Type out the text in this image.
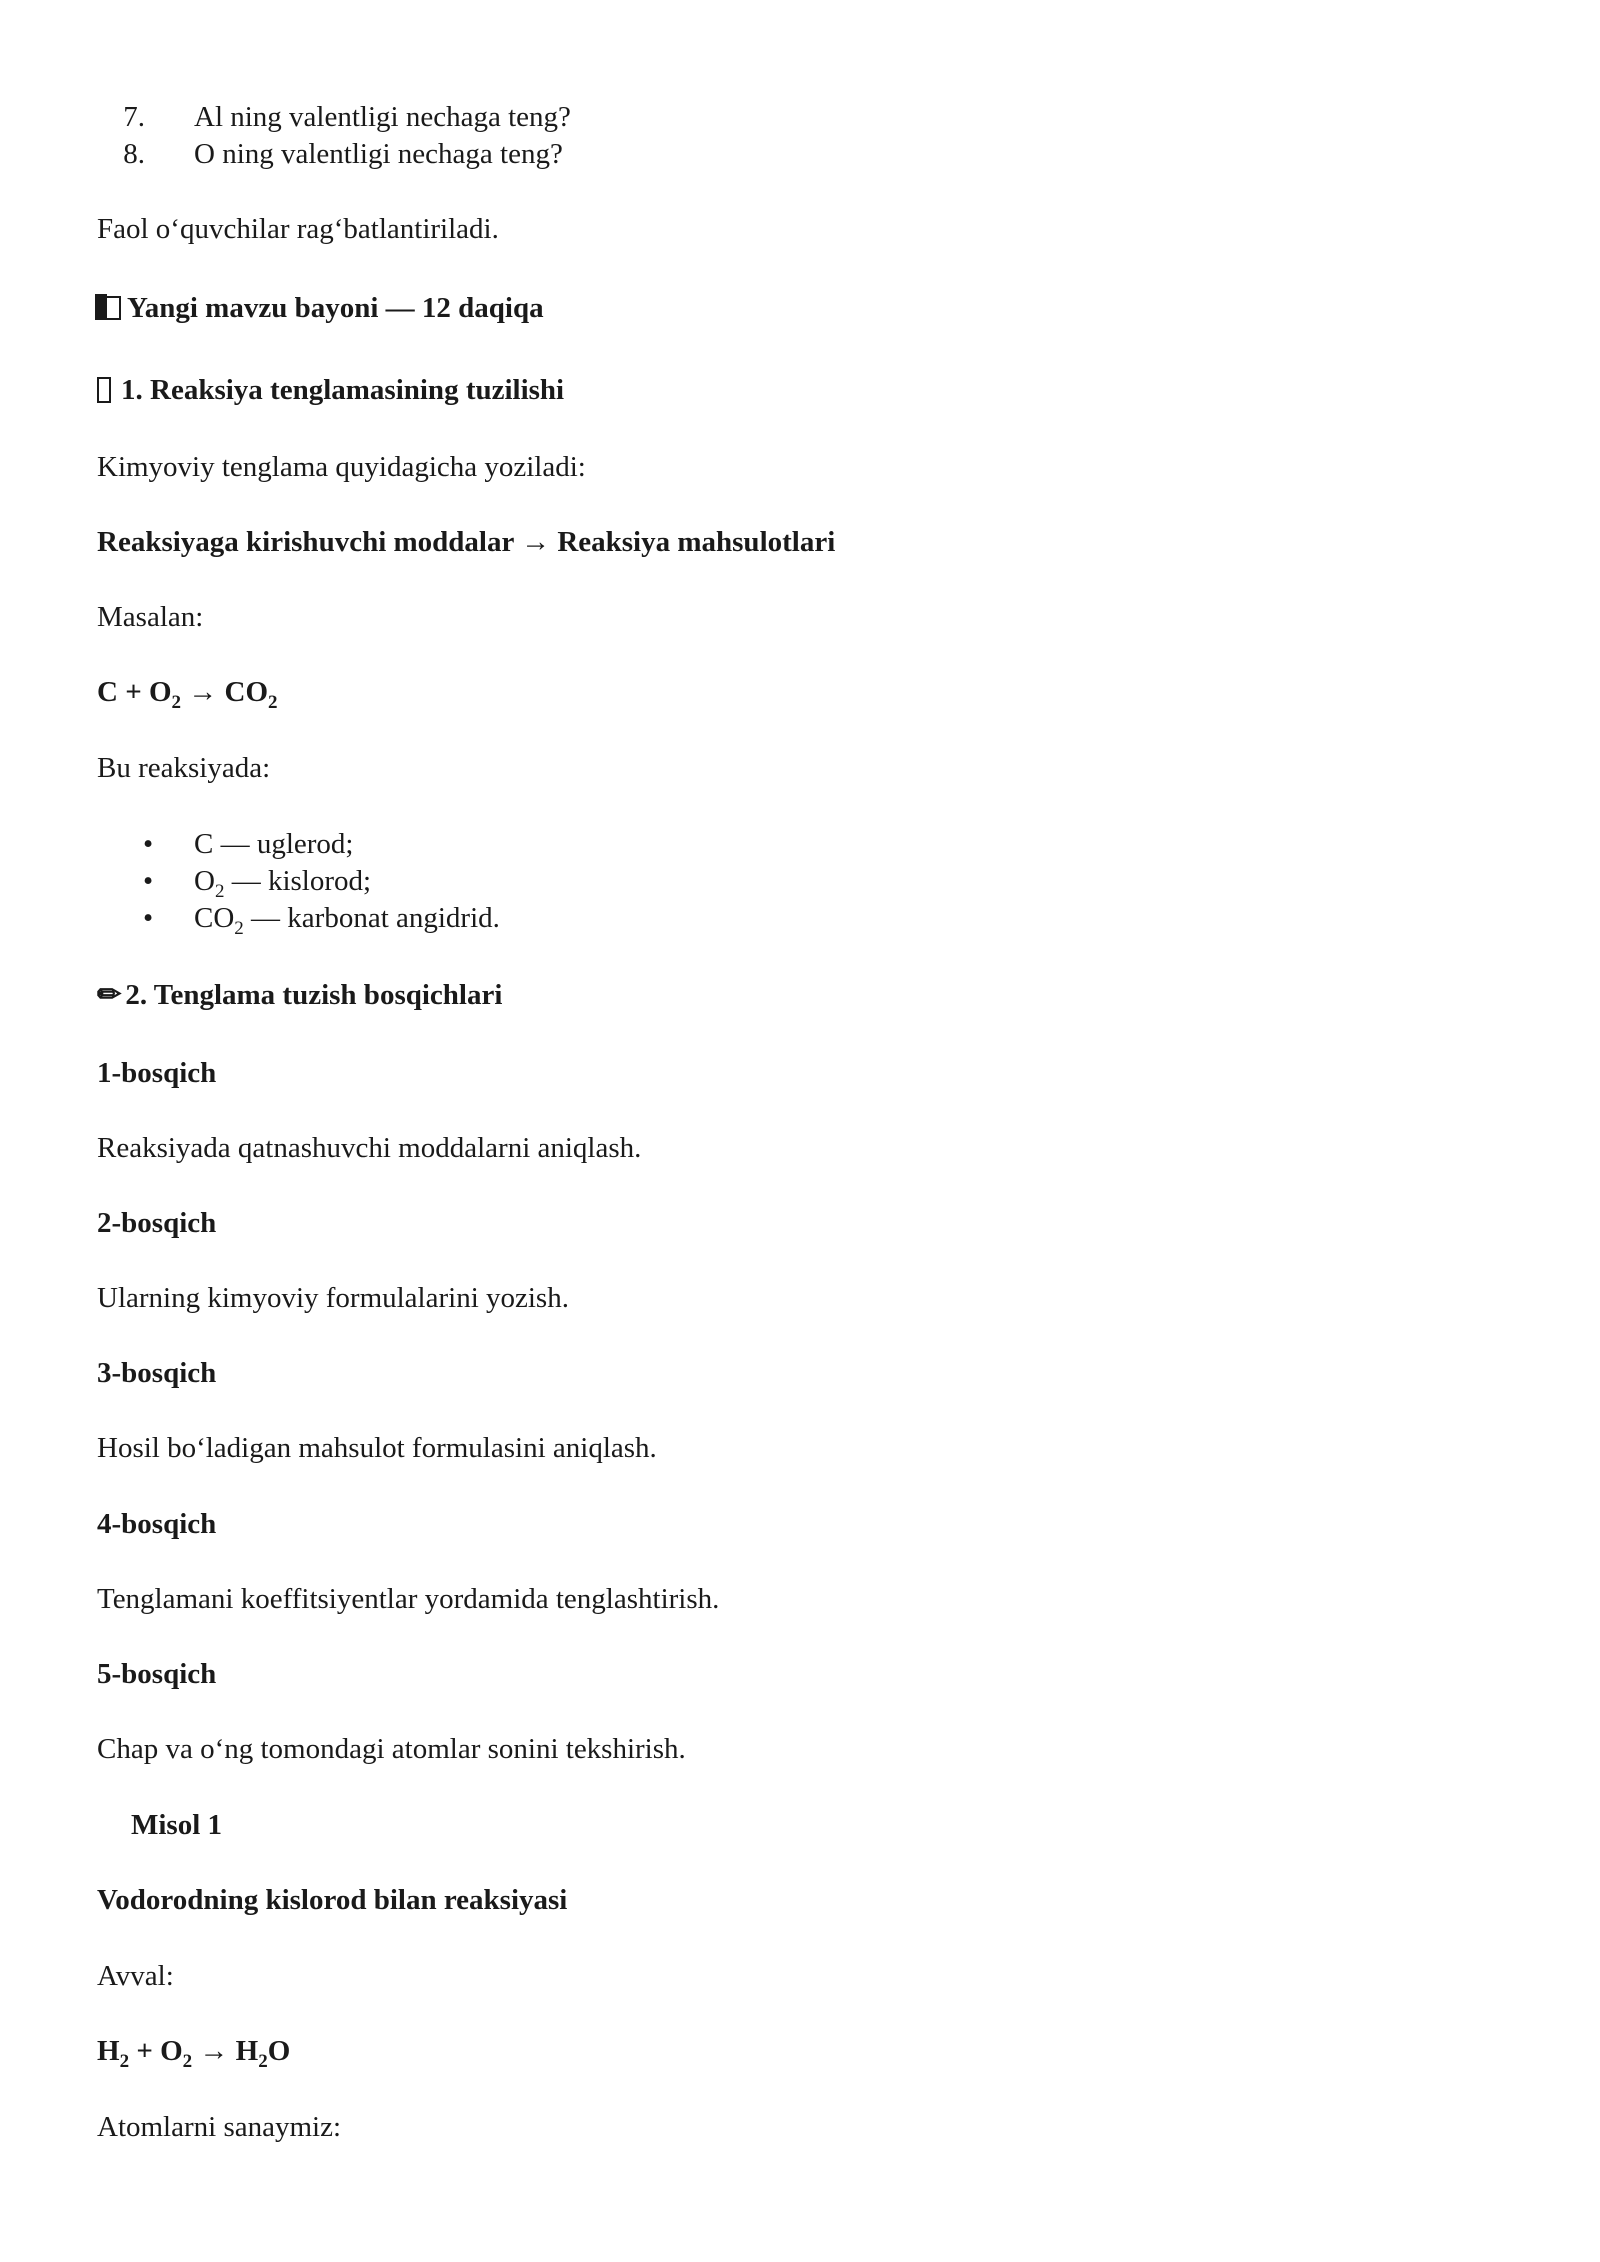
7. Al ning valentligi nechaga teng?
8. O ning valentligi nechaga teng?
Faol o‘quvchilar rag‘batlantiriladi.
Yangi mavzu bayoni — 12 daqiqa
1. Reaksiya tenglamasining tuzilishi
Kimyoviy tenglama quyidagicha yoziladi:
Reaksiyaga kirishuvchi moddalar → Reaksiya mahsulotlari
Masalan:
$C + O_2 \to CO_2$
Bu reaksiyada:
• C — uglerod;
• $O_2$ — kislorod;
• $CO_2$ — karbonat angidrid.
✏ 2. Tenglama tuzish bosqichlari
1-bosqich
Reaksiyada qatnashuvchi moddalarni aniqlash.
2-bosqich
Ularning kimyoviy formulalarini yozish.
3-bosqich
Hosil bo‘ladigan mahsulot formulasini aniqlash.
4-bosqich
Tenglamani koeffitsiyentlar yordamida tenglashtirish.
5-bosqich
Chap va o‘ng tomondagi atomlar sonini tekshirish.
Misol 1
Vodorodning kislorod bilan reaksiyasi
Avval:
$H_2 + O_2 \to H_2O$
Atomlarni sanaymiz:
